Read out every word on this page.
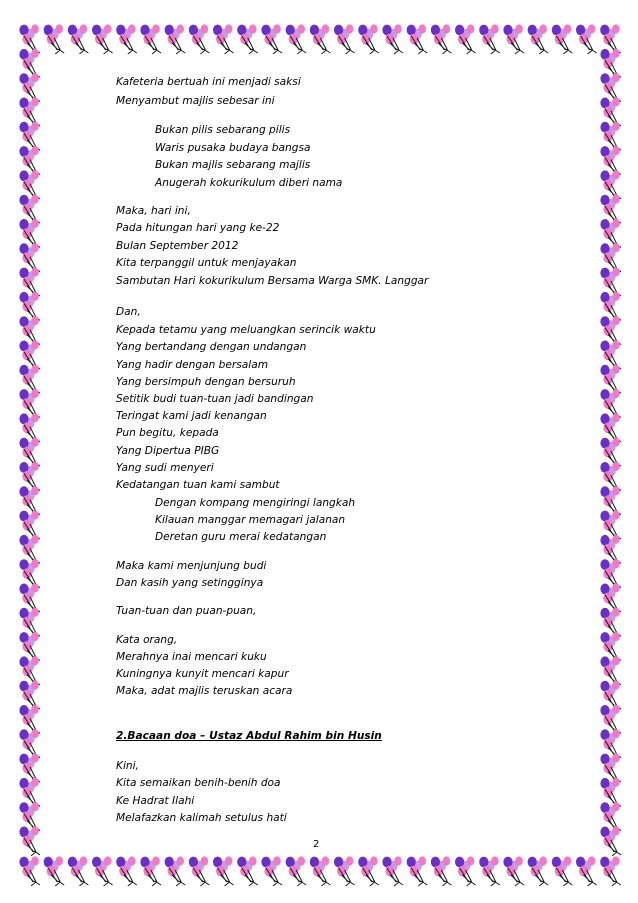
Kafeteria bertuah ini menjadi saksi
Menyambut majlis sebesar ini
Bukan pilis sebarang pilis
Waris pusaka budaya bangsa
Bukan majlis sebarang majlis
Anugerah kokurikulum diberi nama
Maka, hari ini,
Pada hitungan hari yang ke-22
Bulan September 2012
Kita terpanggil untuk menjayakan
Sambutan Hari kokurikulum Bersama Warga SMK. Langgar
Dan,
Kepada tetamu yang meluangkan serincik waktu
Yang bertandang dengan undangan
Yang hadir dengan bersalam
Yang bersimpuh dengan bersuruh
Setitik budi tuan-tuan jadi bandingan
Teringat kami jadi kenangan
Pun begitu, kepada
Yang Dipertua PIBG
Yang sudi menyeri
Kedatangan tuan kami sambut
Dengan kompang mengiringi langkah
Kilauan manggar memagari jalanan
Deretan guru merai kedatangan
Maka kami menjunjung budi
Dan kasih yang setingginya
Tuan-tuan dan puan-puan,
Kata orang,
Merahnya inai mencari kuku
Kuningnya kunyit mencari kapur
Maka, adat majlis teruskan acara
2.Bacaan doa – Ustaz Abdul Rahim bin Husin
Kini,
Kita semaikan benih-benih doa
Ke Hadrat Ilahi
Melafazkan kalimah setulus hati
2
